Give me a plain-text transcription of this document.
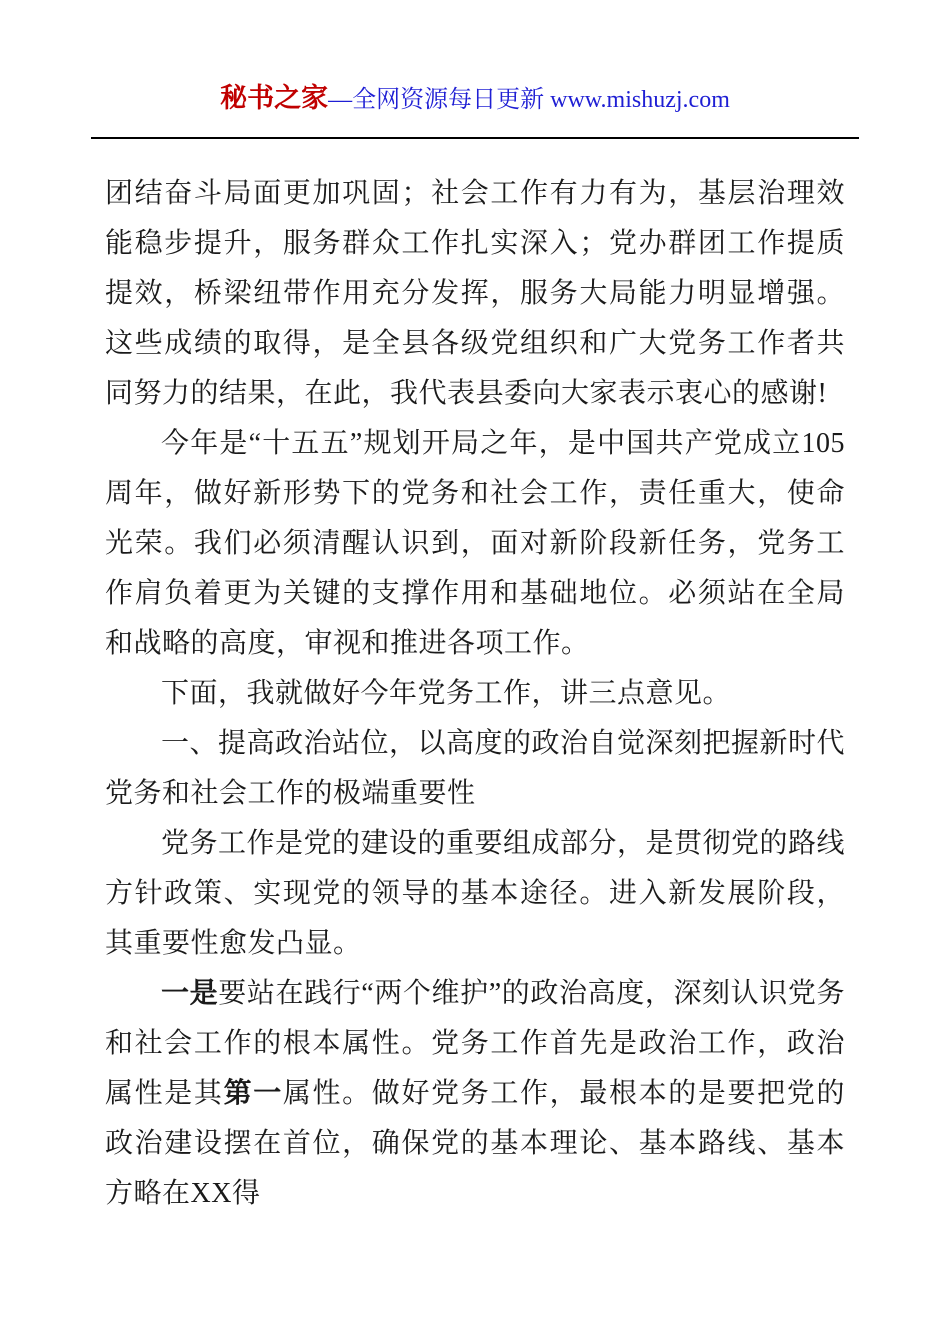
秘书之家—全网资源每日更新 www.mishuzj.com

团结奋斗局面更加巩固；社会工作有力有为，基层治理效能稳步提升，服务群众工作扎实深入；党办群团工作提质提效，桥梁纽带作用充分发挥，服务大局能力明显增强。这些成绩的取得，是全县各级党组织和广大党务工作者共同努力的结果，在此，我代表县委向大家表示衷心的感谢!

今年是“十五五”规划开局之年，是中国共产党成立105周年，做好新形势下的党务和社会工作，责任重大，使命光荣。我们必须清醒认识到，面对新阶段新任务，党务工作肩负着更为关键的支撑作用和基础地位。必须站在全局和战略的高度，审视和推进各项工作。

下面，我就做好今年党务工作，讲三点意见。

一、提高政治站位，以高度的政治自觉深刻把握新时代党务和社会工作的极端重要性

党务工作是党的建设的重要组成部分，是贯彻党的路线方针政策、实现党的领导的基本途径。进入新发展阶段，其重要性愈发凸显。

一是要站在践行“两个维护”的政治高度，深刻认识党务和社会工作的根本属性。党务工作首先是政治工作，政治属性是其第一属性。做好党务工作，最根本的是要把党的政治建设摆在首位，确保党的基本理论、基本路线、基本方略在XX得
